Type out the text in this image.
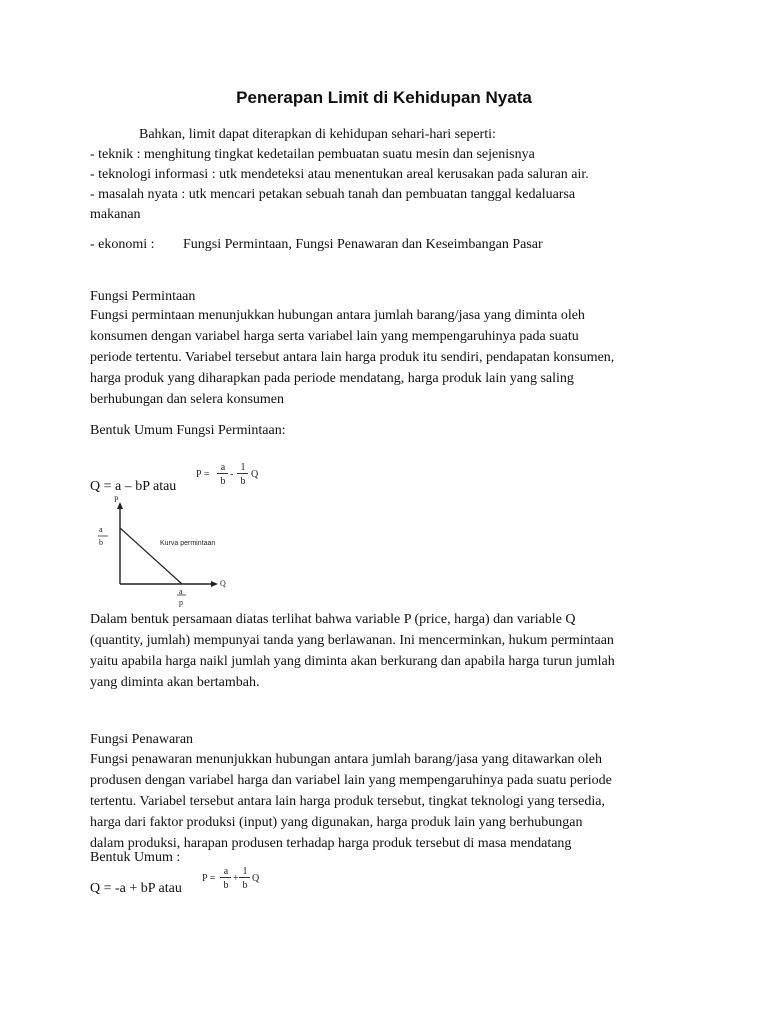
Penerapan Limit di Kehidupan Nyata
Bahkan, limit dapat diterapkan di kehidupan sehari-hari seperti:
- teknik : menghitung tingkat kedetailan pembuatan suatu mesin dan sejenisnya
- teknologi informasi : utk mendeteksi atau menentukan areal kerusakan pada saluran air.
- masalah nyata : utk mencari petakan sebuah tanah dan pembuatan tanggal kedaluarsa
makanan
- ekonomi :	Fungsi Permintaan, Fungsi Penawaran dan Keseimbangan Pasar
Fungsi Permintaan
Fungsi permintaan menunjukkan hubungan antara jumlah barang/jasa yang diminta oleh
konsumen dengan variabel harga serta variabel lain yang mempengaruhinya pada suatu
periode tertentu. Variabel tersebut antara lain harga produk itu sendiri, pendapatan konsumen,
harga produk yang diharapkan pada periode mendatang, harga produk lain yang saling
berhubungan dan selera konsumen
Bentuk Umum Fungsi Permintaan:
Q = a – bP atau
P =
a
b
-
1
b
Q
P
Q
a
b
a
p
Kurva permintaan
Dalam bentuk persamaan diatas terlihat bahwa variable P (price, harga) dan variable Q
(quantity, jumlah) mempunyai tanda yang berlawanan. Ini mencerminkan, hukum permintaan
yaitu apabila harga naikl jumlah yang diminta akan berkurang dan apabila harga turun jumlah
yang diminta akan bertambah.
Fungsi Penawaran
Fungsi penawaran menunjukkan hubungan antara jumlah barang/jasa yang ditawarkan oleh
produsen dengan variabel harga dan variabel lain yang mempengaruhinya pada suatu periode
tertentu. Variabel tersebut antara lain harga produk tersebut, tingkat teknologi yang tersedia,
harga dari faktor produksi (input) yang digunakan, harga produk lain yang berhubungan
dalam produksi, harapan produsen terhadap harga produk tersebut di masa mendatang
Bentuk Umum :
Q = -a + bP atau
P =
a
b
+
1
b
Q
